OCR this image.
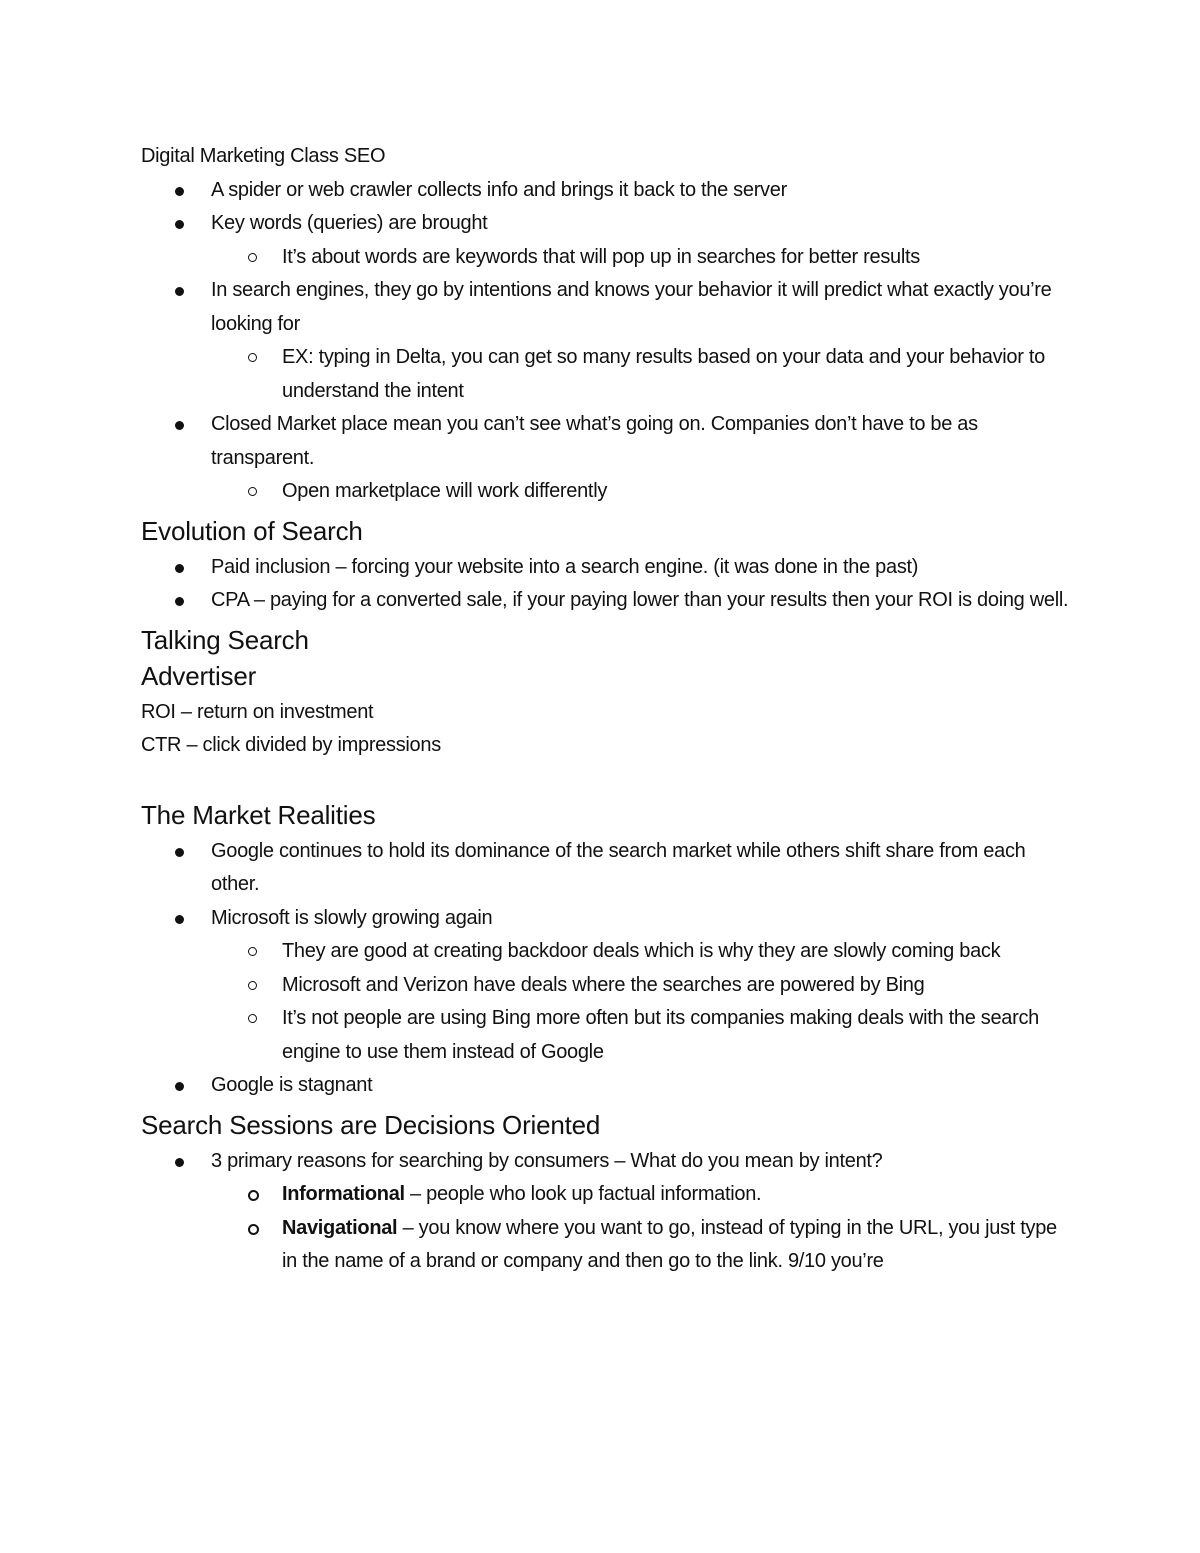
Digital Marketing Class SEO

A spider or web crawler collects info and brings it back to the server
Key words (queries) are brought
It’s about words are keywords that will pop up in searches for better results
In search engines, they go by intentions and knows your behavior it will predict what exactly you’re looking for
EX: typing in Delta, you can get so many results based on your data and your behavior to understand the intent
Closed Market place mean you can’t see what’s going on. Companies don’t have to be as transparent.
Open marketplace will work differently
Evolution of Search
Paid inclusion – forcing your website into a search engine. (it was done in the past)
CPA – paying for a converted sale, if your paying lower than your results then your ROI is doing well.
Talking Search
Advertiser

ROI – return on investment

CTR – click divided by impressions

The Market Realities
Google continues to hold its dominance of the search market while others shift share from each other.
Microsoft is slowly growing again
They are good at creating backdoor deals which is why they are slowly coming back
Microsoft and Verizon have deals where the searches are powered by Bing
It’s not people are using Bing more often but its companies making deals with the search engine to use them instead of Google
Google is stagnant
Search Sessions are Decisions Oriented
3 primary reasons for searching by consumers – What do you mean by intent?
Informational – people who look up factual information.
Navigational – you know where you want to go, instead of typing in the URL, you just type in the name of a brand or company and then go to the link. 9/10 you’re
